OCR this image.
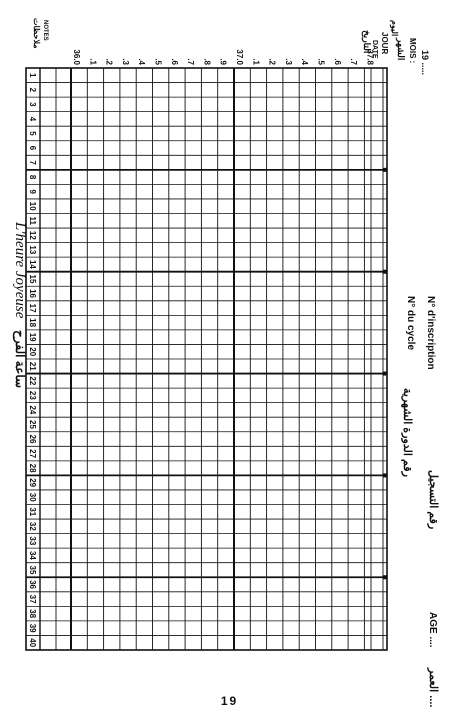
19 .....
MOIS :
الشهر
JOUR
اليوم
DATE
التاريخ
N° d'inscription
رقم التسجيل
N° du cycle
رقم الدورة الشهرية
AGE ....
العمر ....
NOTES
ملاحظات
L'heure Joyeuse
ساعة الفرح
37.8
.7
.6
.5
.4
.3
.2
.1
37.0
.9
.8
.7
.6
.5
.4
.3
.2
.1
36.0
1
2
3
4
5
6
7
8
9
10
11
12
13
14
15
16
17
18
19
20
21
22
23
24
25
26
27
28
29
30
31
32
33
34
35
36
37
38
39
40
19
